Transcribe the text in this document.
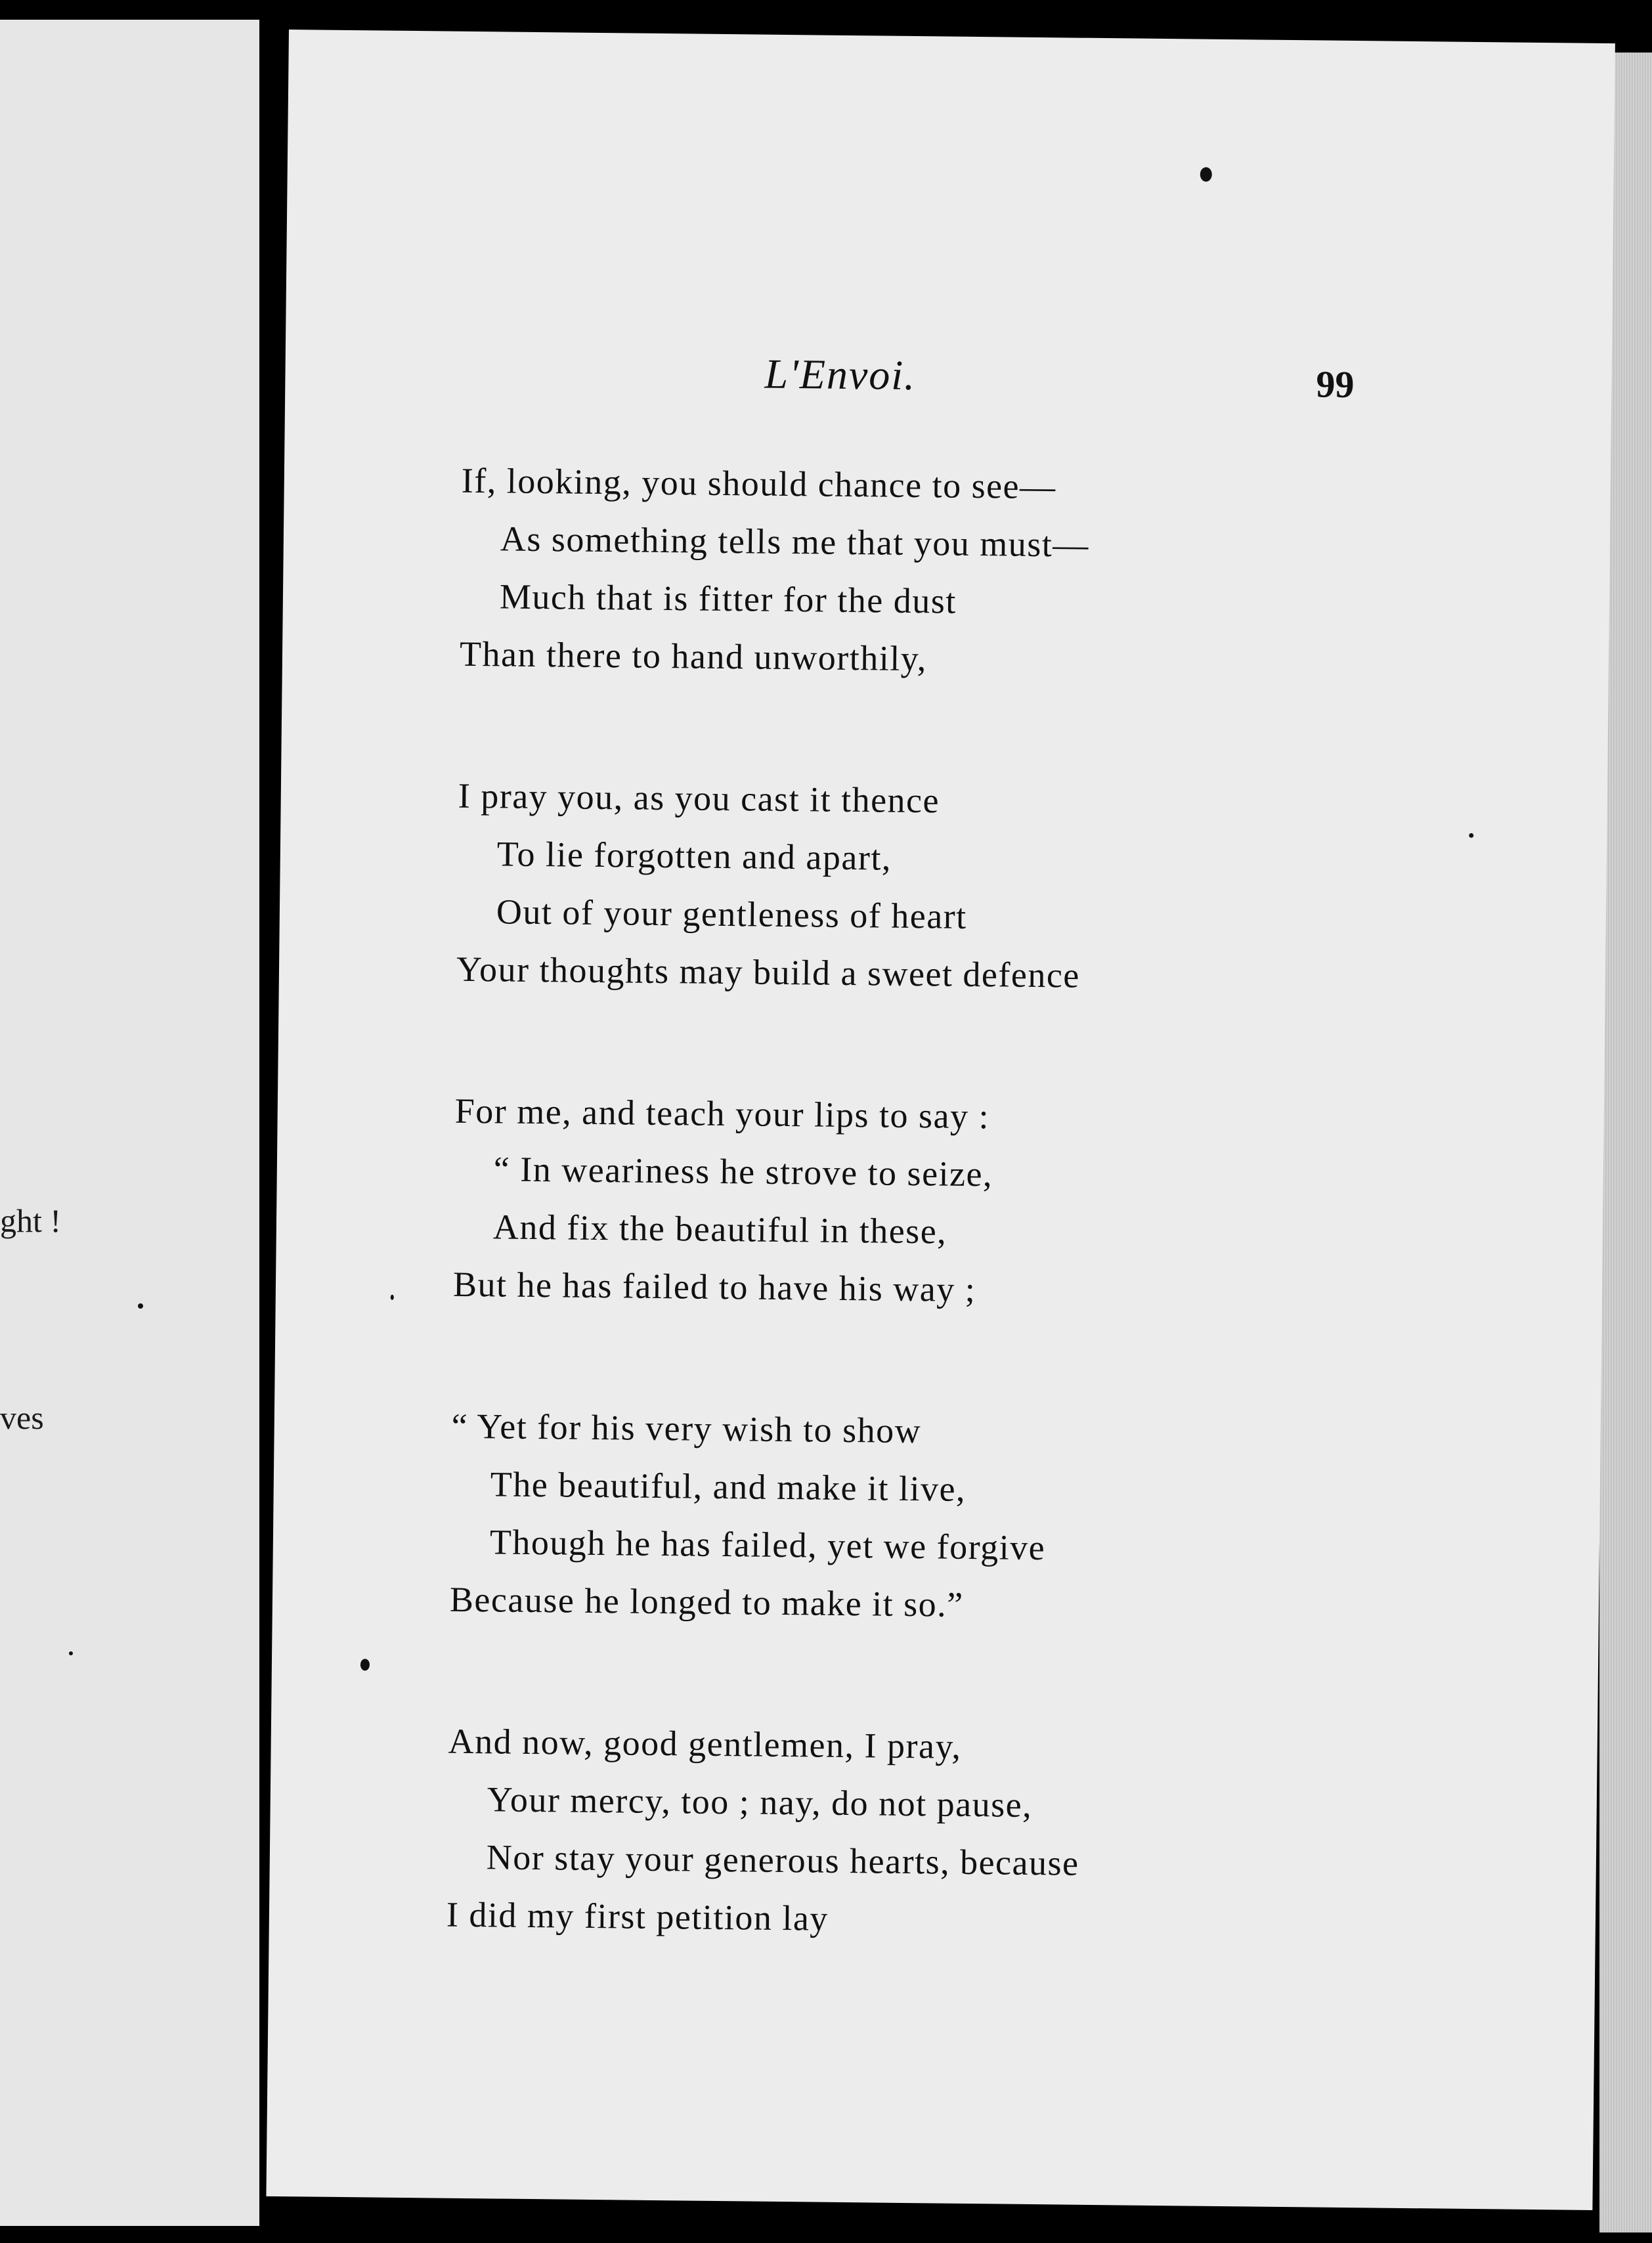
ght !
ves
L'Envoi.	99
If, looking, you should chance to see—
As something tells me that you must—
Much that is fitter for the dust
Than there to hand unworthily,
I pray you, as you cast it thence
To lie forgotten and apart,
Out of your gentleness of heart
Your thoughts may build a sweet defence
For me, and teach your lips to say :
“ In weariness he strove to seize,
And fix the beautiful in these,
But he has failed to have his way ;
“ Yet for his very wish to show
The beautiful, and make it live,
Though he has failed, yet we forgive
Because he longed to make it so.”
And now, good gentlemen, I pray,
Your mercy, too ; nay, do not pause,
Nor stay your generous hearts, because
I did my first petition lay
